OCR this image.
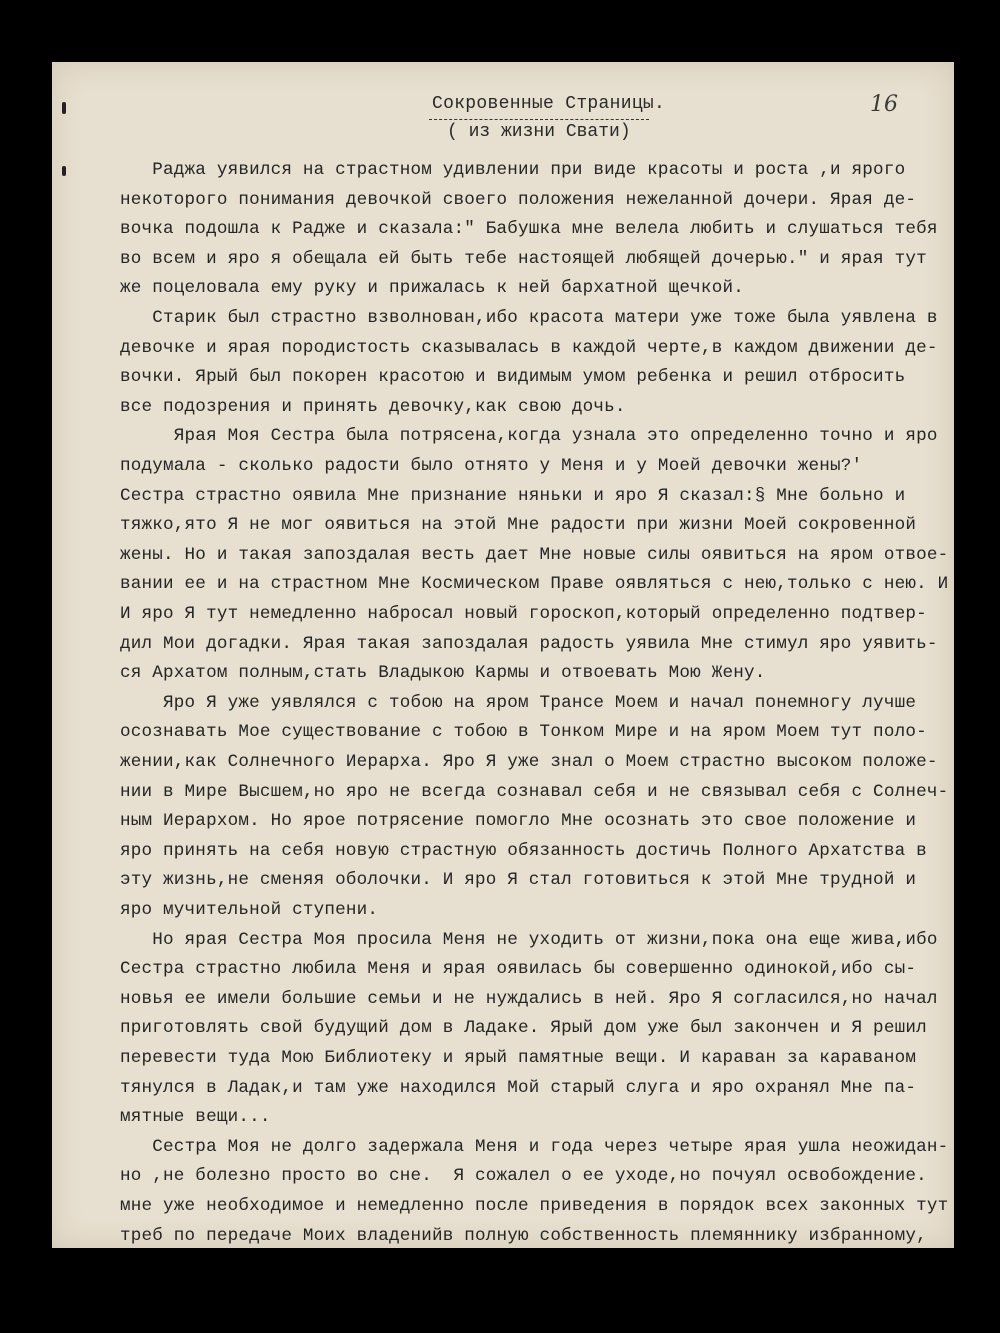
16
Сокровенные Страницы.
( из жизни Свати)
Раджа уявился на страстном удивлении при виде красоты и роста ,и ярого
некоторого понимания девочкой своего положения нежеланной дочери. Ярая де-
вочка подошла к Радже и сказала:" Бабушка мне велела любить и слушаться тебя
во всем и яро я обещала ей быть тебе настоящей любящей дочерью." и ярая тут
же поцеловала ему руку и прижалась к ней бархатной щечкой.
Старик был страстно взволнован,ибо красота матери уже тоже была уявлена в
девочке и ярая породистость сказывалась в каждой черте,в каждом движении де-
вочки. Ярый был покорен красотою и видимым умом ребенка и решил отбросить
все подозрения и принять девочку,как свою дочь.
Ярая Моя Сестра была потрясена,когда узнала это определенно точно и яро
подумала - сколько радости было отнято у Меня и у Моей девочки жены?'
Сестра страстно оявила Мне признание няньки и яро Я сказал:§ Мне больно и
тяжко,ято Я не мог оявиться на этой Мне радости при жизни Моей сокровенной
жены. Но и такая запоздалая весть дает Мне новые силы оявиться на яром отвое-
вании ее и на страстном Мне Космическом Праве оявляться с нею,только с нею. И
И яро Я тут немедленно набросал новый гороскоп,который определенно подтвер-
дил Мои догадки. Ярая такая запоздалая радость уявила Мне стимул яро уявить-
ся Архатом полным,стать Владыкою Кармы и отвоевать Мою Жену.
Яро Я уже уявлялся с тобою на яром Трансе Моем и начал понемногу лучше
осознавать Мое существование с тобою в Тонком Мире и на яром Моем тут поло-
жении,как Солнечного Иерарха. Яро Я уже знал о Моем страстно высоком положе-
нии в Мире Высшем,но яро не всегда сознавал себя и не связывал себя с Солнеч-
ным Иерархом. Но ярое потрясение помогло Мне осознать это свое положение и
яро принять на себя новую страстную обязанность достичь Полного Архатства в
эту жизнь,не сменяя оболочки. И яро Я стал готовиться к этой Мне трудной и
яро мучительной ступени.
Но ярая Сестра Моя просила Меня не уходить от жизни,пока она еще жива,ибо
Сестра страстно любила Меня и ярая оявилась бы совершенно одинокой,ибо сы-
новья ее имели большие семьи и не нуждались в ней. Яро Я согласился,но начал
приготовлять свой будущий дом в Ладаке. Ярый дом уже был закончен и Я решил
перевести туда Мою Библиотеку и ярый памятные вещи. И караван за караваном
тянулся в Ладак,и там уже находился Мой старый слуга и яро охранял Мне па-
мятные вещи...
Сестра Моя не долго задержала Меня и года через четыре ярая ушла неожидан-
но ,не болезно просто во сне.  Я сожалел о ее уходе,но почуял освобождение.
мне уже необходимое и немедленно после приведения в порядок всех законных тут
треб по передаче Моих владенийв полную собственность племяннику избранному,
